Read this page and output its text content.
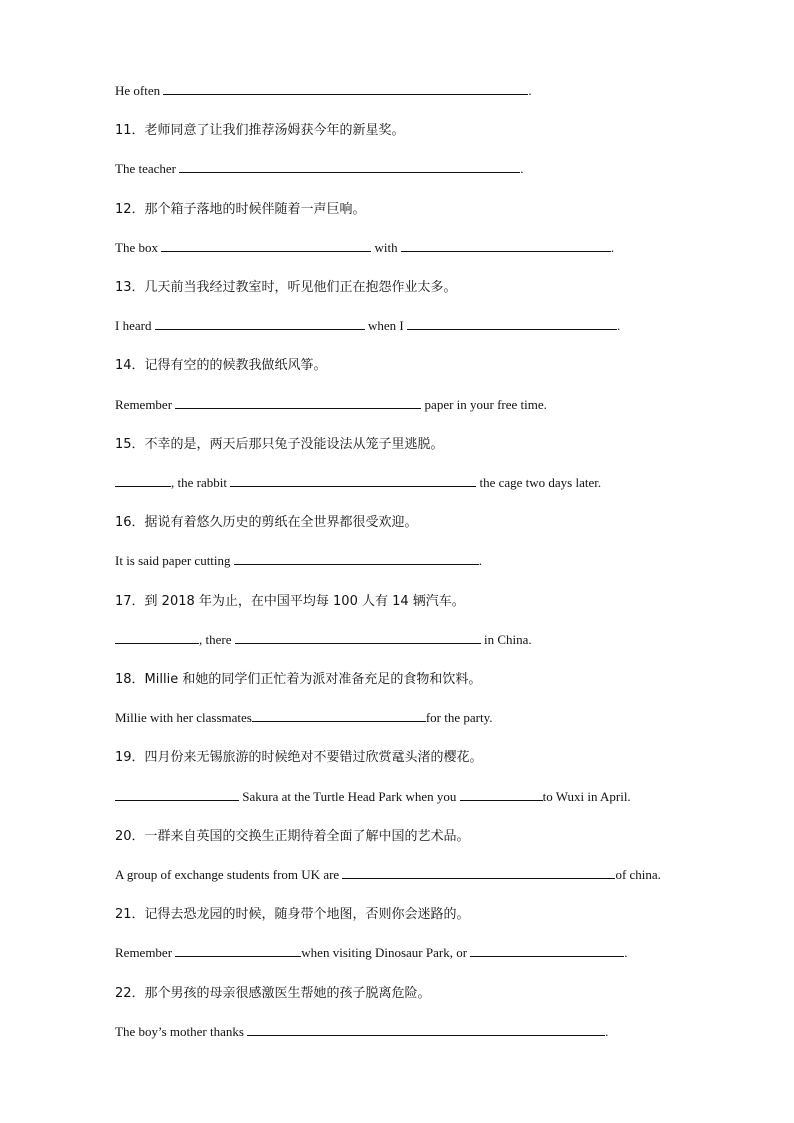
He often	.
11．老师同意了让我们推荐汤姆获今年的新星奖。
The teacher	.
12．那个箱子落地的时候伴随着一声巨响。
The box	with	.
13．几天前当我经过教室时，听见他们正在抱怨作业太多。
I heard	when I	.
14．记得有空的的候教我做纸风筝。
Remember	paper in your free time.
15．不幸的是，两天后那只兔子没能设法从笼子里逃脱。
, the rabbit	the cage two days later.
16．据说有着悠久历史的剪纸在全世界都很受欢迎。
It is said paper cutting	.
17．到 2018 年为止，在中国平均每 100 人有 14 辆汽车。
, there	in China.
18．Millie 和她的同学们正忙着为派对准备充足的食物和饮料。
Millie with her classmates	for the party.
19．四月份来无锡旅游的时候绝对不要错过欣赏鼋头渚的樱花。
Sakura at the Turtle Head Park when you	to Wuxi in April.
20．一群来自英国的交换生正期待着全面了解中国的艺术品。
A group of exchange students from UK are	of china.
21．记得去恐龙园的时候，随身带个地图，否则你会迷路的。
Remember	when visiting Dinosaur Park, or	.
22．那个男孩的母亲很感激医生帮她的孩子脱离危险。
The boy’s mother thanks	.
